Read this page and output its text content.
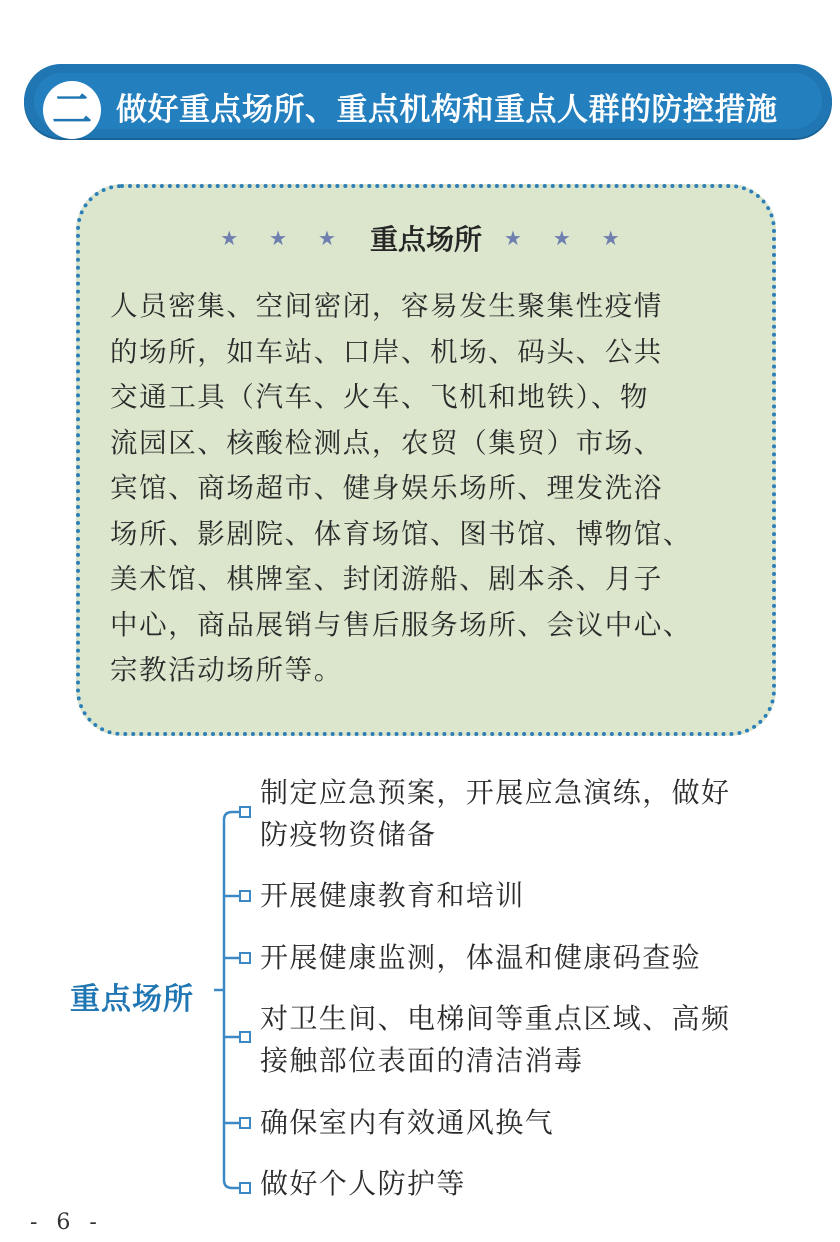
二 做好重点场所、重点机构和重点人群的防控措施
★ ★ ★ 重点场所 ★ ★ ★
人员密集、空间密闭，容易发生聚集性疫情
的场所，如车站、口岸、机场、码头、公共
交通工具（汽车、火车、飞机和地铁）、物
流园区、核酸检测点，农贸（集贸）市场、
宾馆、商场超市、健身娱乐场所、理发洗浴
场所、影剧院、体育场馆、图书馆、博物馆、
美术馆、棋牌室、封闭游船、剧本杀、月子
中心，商品展销与售后服务场所、会议中心、
宗教活动场所等。
重点场所
制定应急预案，开展应急演练，做好
防疫物资储备
开展健康教育和培训
开展健康监测，体温和健康码查验
对卫生间、电梯间等重点区域、高频
接触部位表面的清洁消毒
确保室内有效通风换气
做好个人防护等
- 6 -
